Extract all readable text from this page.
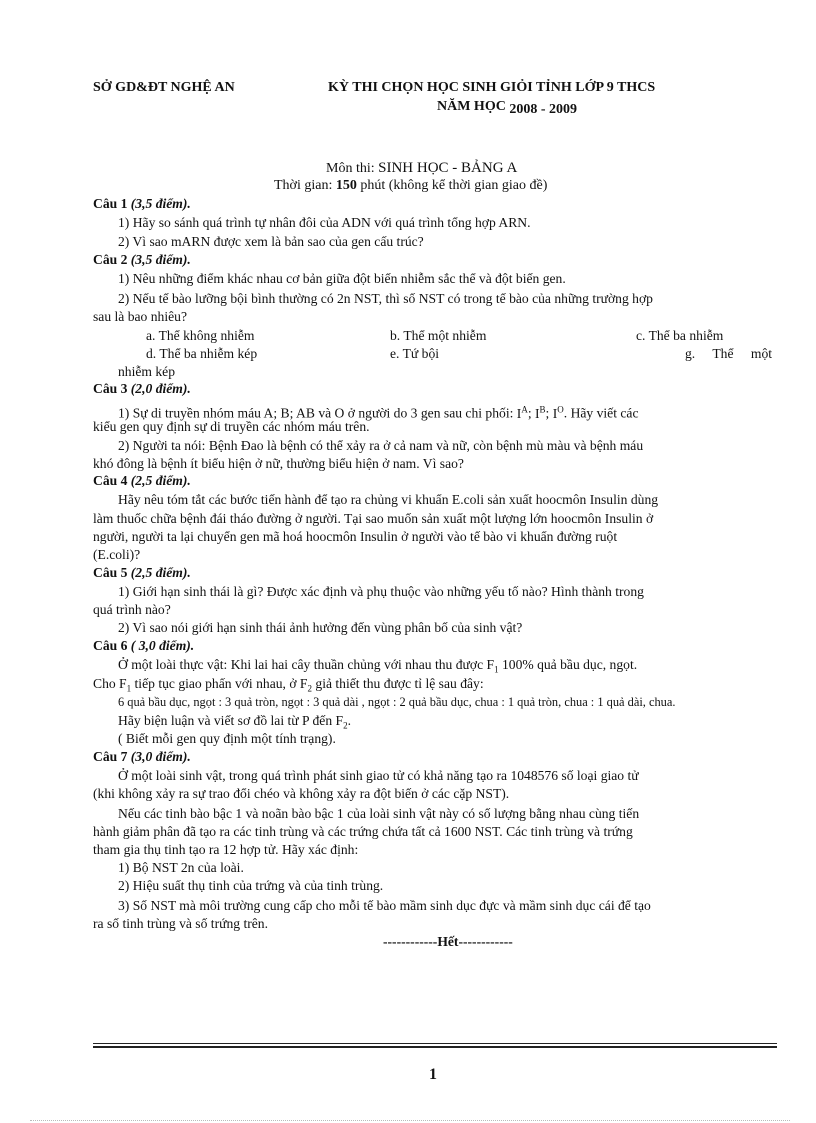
SỞ GD&ĐT NGHỆ AN	KỲ THI CHỌN HỌC SINH GIỎI TỈNH LỚP 9 THCS
NĂM HỌC 2008 - 2009
Môn thi: SINH HỌC - BẢNG A
Thời gian: 150 phút (không kể thời gian giao đề)
Câu 1 (3,5 điểm).
1) Hãy so sánh quá trình tự nhân đôi của ADN với quá trình tổng hợp ARN.
2) Vì sao mARN được xem là bản sao của gen cấu trúc?
Câu 2 (3,5 điểm).
1) Nêu những điểm khác nhau cơ bản giữa đột biến nhiễm sắc thể và đột biến gen.
2) Nếu tế bào lưỡng bội bình thường có 2n NST, thì số NST có trong tế bào của những trường hợp
sau là bao nhiêu?
a. Thể không nhiễm	b. Thể một nhiễm	c. Thể ba nhiễm
d. Thể ba nhiễm kép	e. Tứ bội	g. Thể một
nhiễm kép
Câu 3 (2,0 điểm).
1) Sự di truyền nhóm máu A; B; AB và O ở người do 3 gen sau chi phối: $I^A$; $I^B$; $I^O$. Hãy viết các
kiểu gen quy định sự di truyền các nhóm máu trên.
2) Người ta nói: Bệnh Đao là bệnh có thể xảy ra ở cả nam và nữ, còn bệnh mù màu và bệnh máu
khó đông là bệnh ít biểu hiện ở nữ, thường biểu hiện ở nam. Vì sao?
Câu 4 (2,5 điểm).
Hãy nêu tóm tắt các bước tiến hành để tạo ra chủng vi khuẩn E.coli sản xuất hoocmôn Insulin dùng
làm thuốc chữa bệnh đái tháo đường ở người. Tại sao muốn sản xuất một lượng lớn hoocmôn Insulin ở
người, người ta lại chuyển gen mã hoá hoocmôn Insulin ở người vào tế bào vi khuẩn đường ruột
(E.coli)?
Câu 5 (2,5 điểm).
1) Giới hạn sinh thái là gì? Được xác định và phụ thuộc vào những yếu tố nào? Hình thành trong
quá trình nào?
2) Vì sao nói giới hạn sinh thái ảnh hưởng đến vùng phân bố của sinh vật?
Câu 6 ( 3,0 điểm).
Ở một loài thực vật: Khi lai hai cây thuần chủng với nhau thu được $F_1$ 100% quả bầu dục, ngọt.
Cho $F_1$ tiếp tục giao phấn với nhau, ở $F_2$ giả thiết thu được tỉ lệ sau đây:
6 quả bầu dục, ngọt : 3 quả tròn, ngọt : 3 quả dài , ngọt : 2 quả bầu dục, chua : 1 quả tròn, chua : 1 quả dài, chua.
Hãy biện luận và viết sơ đồ lai từ P đến $F_2$.
( Biết mỗi gen quy định một tính trạng).
Câu 7 (3,0 điểm).
Ở một loài sinh vật, trong quá trình phát sinh giao tử có khả năng tạo ra 1048576 số loại giao tử
(khi không xảy ra sự trao đổi chéo và không xảy ra đột biến ở các cặp NST).
Nếu các tinh bào bậc 1 và noãn bào bậc 1 của loài sinh vật này có số lượng bằng nhau cùng tiến
hành giảm phân đã tạo ra các tinh trùng và các trứng chứa tất cả 1600 NST. Các tinh trùng và trứng
tham gia thụ tinh tạo ra 12 hợp tử. Hãy xác định:
1) Bộ NST 2n của loài.
2) Hiệu suất thụ tinh của trứng và của tinh trùng.
3) Số NST mà môi trường cung cấp cho mỗi tế bào mầm sinh dục đực và mầm sinh dục cái để tạo
ra số tinh trùng và số trứng trên.
------------Hết------------
1
